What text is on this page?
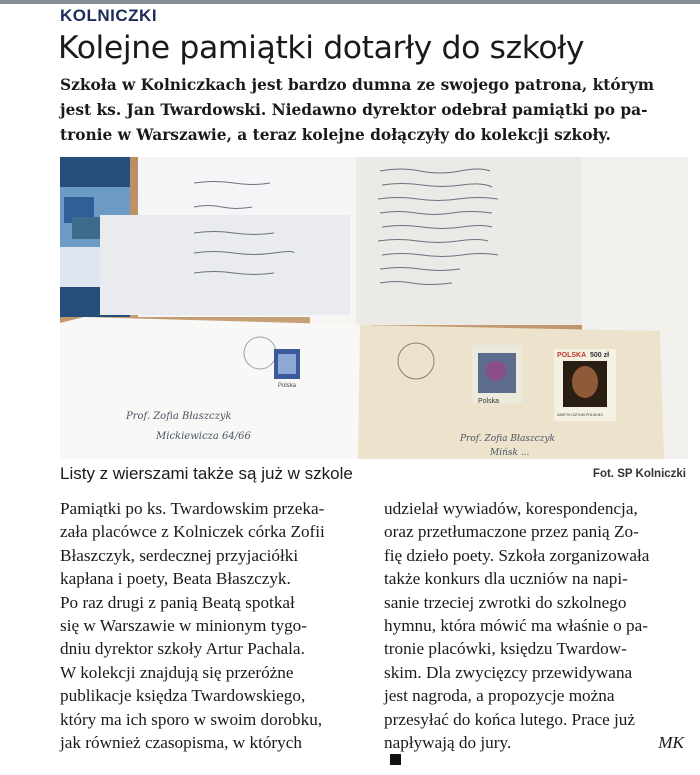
KOLNICZKI
Kolejne pamiątki dotarły do szkoły
Szkoła w Kolniczkach jest bardzo dumna ze swojego patrona, którym
jest ks. Jan Twardowski. Niedawno dyrektor odebrał pamiątki po pa-
tronie w Warszawie, a teraz kolejne dołączyły do kolekcji szkoły.
Polska
Prof. Zofia Błaszczyk
Mickiewicza 64/66
Polska
POLSKA 500 zł
ZABYTKI SZTUKI POLSKIEJ
Prof. Zofia Błaszczyk
Mińsk ...
Listy z wierszami także są już w szkole	Fot. SP Kolniczki
Pamiątki po ks. Twardowskim przeka-
zała placówce z Kolniczek córka Zofii
Błaszczyk, serdecznej przyjaciółki
kapłana i poety, Beata Błaszczyk.
Po raz drugi z panią Beatą spotkał
się w Warszawie w minionym tygo-
dniu dyrektor szkoły Artur Pachala.
W kolekcji znajdują się przeróżne
publikacje księdza Twardowskiego,
który ma ich sporo w swoim dorobku,
jak również czasopisma, w których
udzielał wywiadów, korespondencja,
oraz przetłumaczone przez panią Zo-
fię dzieło poety. Szkoła zorganizowała
także konkurs dla uczniów na napi-
sanie trzeciej zwrotki do szkolnego
hymnu, która mówić ma właśnie o pa-
tronie placówki, księdzu Twardow-
skim. Dla zwycięzcy przewidywana
jest nagroda, a propozycje można
przesyłać do końca lutego. Prace już
napływają do jury.	MK
